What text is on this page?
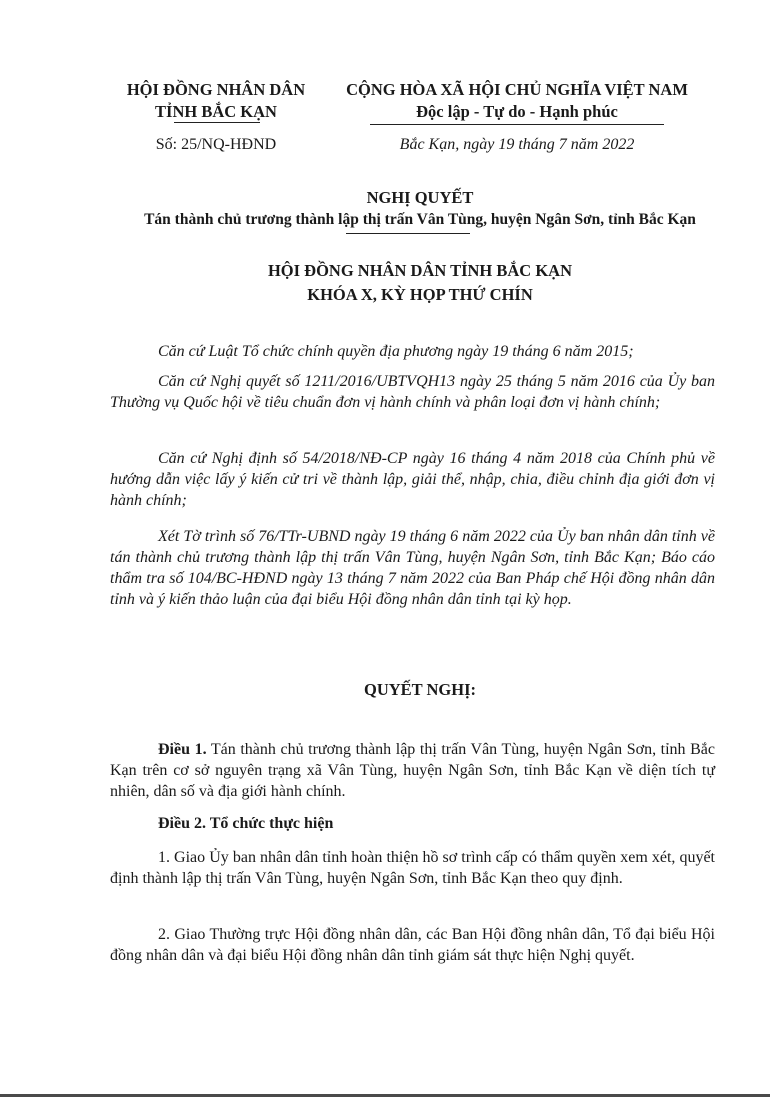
HỘI ĐỒNG NHÂN DÂN
TỈNH BẮC KẠN
CỘNG HÒA XÃ HỘI CHỦ NGHĨA VIỆT NAM
Độc lập - Tự do - Hạnh phúc
Số: 25/NQ-HĐND	Bắc Kạn, ngày 19 tháng 7 năm 2022
NGHỊ QUYẾT
Tán thành chủ trương thành lập thị trấn Vân Tùng, huyện Ngân Sơn, tỉnh Bắc Kạn
HỘI ĐỒNG NHÂN DÂN TỈNH BẮC KẠN
KHÓA X, KỲ HỌP THỨ CHÍN
Căn cứ Luật Tổ chức chính quyền địa phương ngày 19 tháng 6 năm 2015;
Căn cứ Nghị quyết số 1211/2016/UBTVQH13 ngày 25 tháng 5 năm 2016 của Ủy ban Thường vụ Quốc hội về tiêu chuẩn đơn vị hành chính và phân loại đơn vị hành chính;
Căn cứ Nghị định số 54/2018/NĐ-CP ngày 16 tháng 4 năm 2018 của Chính phủ về hướng dẫn việc lấy ý kiến cử tri về thành lập, giải thể, nhập, chia, điều chỉnh địa giới đơn vị hành chính;
Xét Tờ trình số 76/TTr-UBND ngày 19 tháng 6 năm 2022 của Ủy ban nhân dân tỉnh về tán thành chủ trương thành lập thị trấn Vân Tùng, huyện Ngân Sơn, tỉnh Bắc Kạn; Báo cáo thẩm tra số 104/BC-HĐND ngày 13 tháng 7 năm 2022 của Ban Pháp chế Hội đồng nhân dân tỉnh và ý kiến thảo luận của đại biểu Hội đồng nhân dân tỉnh tại kỳ họp.
QUYẾT NGHỊ:
Điều 1. Tán thành chủ trương thành lập thị trấn Vân Tùng, huyện Ngân Sơn, tỉnh Bắc Kạn trên cơ sở nguyên trạng xã Vân Tùng, huyện Ngân Sơn, tỉnh Bắc Kạn về diện tích tự nhiên, dân số và địa giới hành chính.
Điều 2. Tổ chức thực hiện
1. Giao Ủy ban nhân dân tỉnh hoàn thiện hồ sơ trình cấp có thẩm quyền xem xét, quyết định thành lập thị trấn Vân Tùng, huyện Ngân Sơn, tỉnh Bắc Kạn theo quy định.
2. Giao Thường trực Hội đồng nhân dân, các Ban Hội đồng nhân dân, Tổ đại biểu Hội đồng nhân dân và đại biểu Hội đồng nhân dân tỉnh giám sát thực hiện Nghị quyết.
